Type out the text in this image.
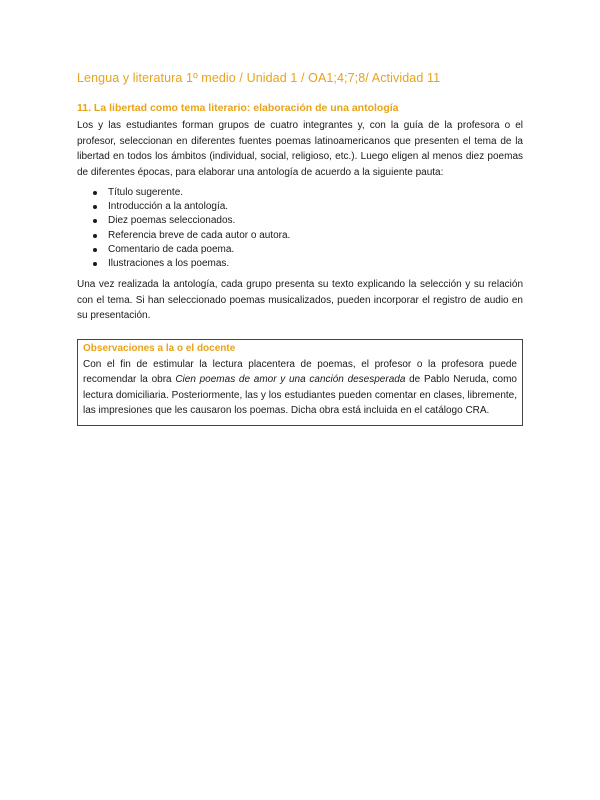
Lengua y literatura 1º medio / Unidad 1 / OA1;4;7;8/ Actividad 11
11. La libertad como tema literario: elaboración de una antología

Los y las estudiantes forman grupos de cuatro integrantes y, con la guía de la profesora o el profesor, seleccionan en diferentes fuentes poemas latinoamericanos que presenten el tema de la libertad en todos los ámbitos (individual, social, religioso, etc.). Luego eligen al menos diez poemas de diferentes épocas, para elaborar una antología de acuerdo a la siguiente pauta:

Título sugerente.
Introducción a la antología.
Diez poemas seleccionados.
Referencia breve de cada autor o autora.
Comentario de cada poema.
Ilustraciones a los poemas.

Una vez realizada la antología, cada grupo presenta su texto explicando la selección y su relación con el tema. Si han seleccionado poemas musicalizados, pueden incorporar el registro de audio en su presentación.

Observaciones a la o el docente

Con el fin de estimular la lectura placentera de poemas, el profesor o la profesora puede recomendar la obra Cien poemas de amor y una canción desesperada de Pablo Neruda, como lectura domiciliaria. Posteriormente, las y los estudiantes pueden comentar en clases, libremente, las impresiones que les causaron los poemas. Dicha obra está incluida en el catálogo CRA.
